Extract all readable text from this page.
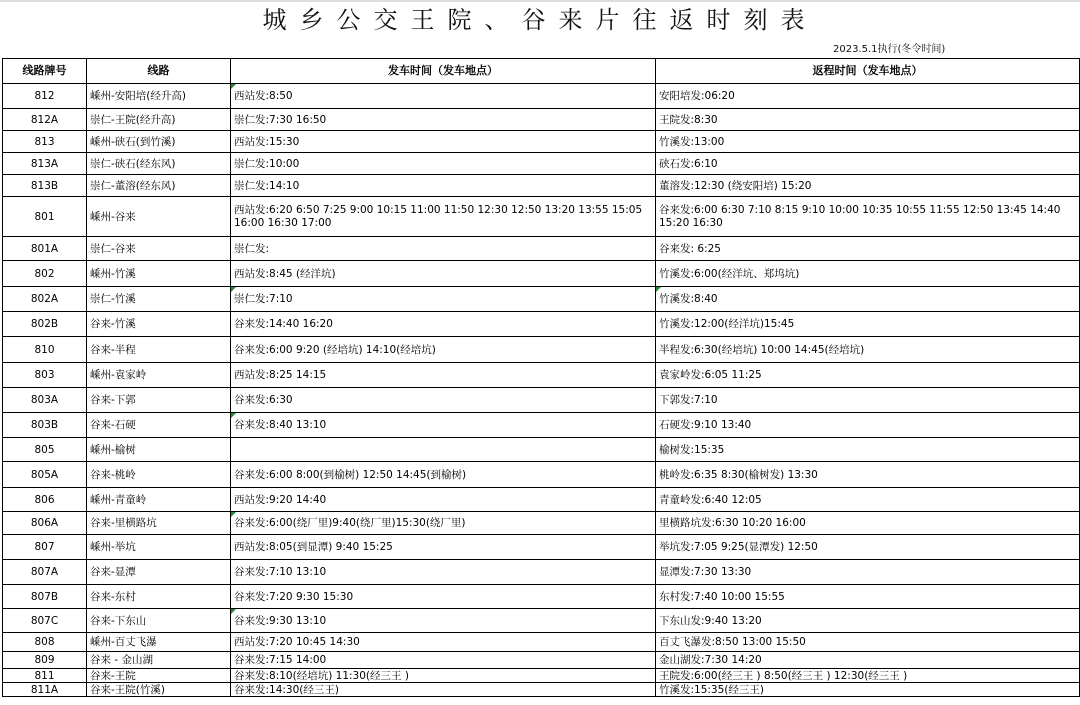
城乡公交王院、谷来片往返时刻表
2023.5.1执行(冬令时间)
线路牌号	线路	发车时间（发车地点）	返程时间（发车地点）
812	嵊州-安阳培(经升高)	西站发:8:50	安阳培发:06:20
812A	崇仁-王院(经升高)	崇仁发:7:30 16:50	王院发:8:30
813	嵊州-硖石(到竹溪)	西站发:15:30	竹溪发:13:00
813A	崇仁-硖石(经东风)	崇仁发:10:00	硖石发:6:10
813B	崇仁-董溶(经东风)	崇仁发:14:10	董溶发:12:30 (绕安阳培) 15:20
801	嵊州-谷来	西站发:6:20 6:50 7:25 9:00 10:15 11:00 11:50 12:30 12:50 13:20 13:55 15:05 16:00 16:30 17:00	谷来发:6:00 6:30 7:10 8:15 9:10 10:00 10:35 10:55 11:55 12:50 13:45 14:40 15:20 16:30
801A	崇仁-谷来	崇仁发:	谷来发: 6:25
802	嵊州-竹溪	西站发:8:45 (经洋坑)	竹溪发:6:00(经洋坑、郑坞坑)
802A	崇仁-竹溪	崇仁发:7:10	竹溪发:8:40
802B	谷来-竹溪	谷来发:14:40 16:20	竹溪发:12:00(经洋坑)15:45
810	谷来-半程	谷来发:6:00 9:20 (经培坑) 14:10(经培坑)	半程发:6:30(经培坑) 10:00 14:45(经培坑)
803	嵊州-袁家岭	西站发:8:25 14:15	袁家岭发:6:05 11:25
803A	谷来-下郭	谷来发:6:30	下郭发:7:10
803B	谷来-石硬	谷来发:8:40 13:10	石硬发:9:10 13:40
805	嵊州-榆树		榆树发:15:35
805A	谷来-桃岭	谷来发:6:00 8:00(到榆树) 12:50 14:45(到榆树)	桃岭发:6:35 8:30(榆树发) 13:30
806	嵊州-青童岭	西站发:9:20 14:40	青童岭发:6:40 12:05
806A	谷来-里横路坑	谷来发:6:00(绕厂里)9:40(绕厂里)15:30(绕厂里)	里横路坑发:6:30 10:20 16:00
807	嵊州-举坑	西站发:8:05(到显潭) 9:40 15:25	举坑发:7:05 9:25(显潭发) 12:50
807A	谷来-显潭	谷来发:7:10 13:10	显潭发:7:30 13:30
807B	谷来-东村	谷来发:7:20 9:30 15:30	东村发:7:40 10:00 15:55
807C	谷来-下东山	谷来发:9:30 13:10	下东山发:9:40 13:20
808	嵊州-百丈飞瀑	西站发:7:20 10:45 14:30	百丈飞瀑发:8:50 13:00 15:50
809	谷来 - 金山湖	谷来发:7:15 14:00	金山湖发:7:30 14:20
811	谷来-王院	谷来发:8:10(经培坑) 11:30(经三王 )	王院发:6:00(经三王 ) 8:50(经三王 ) 12:30(经三王 )
811A	谷来-王院(竹溪)	谷来发:14:30(经三王)	竹溪发:15:35(经三王)
